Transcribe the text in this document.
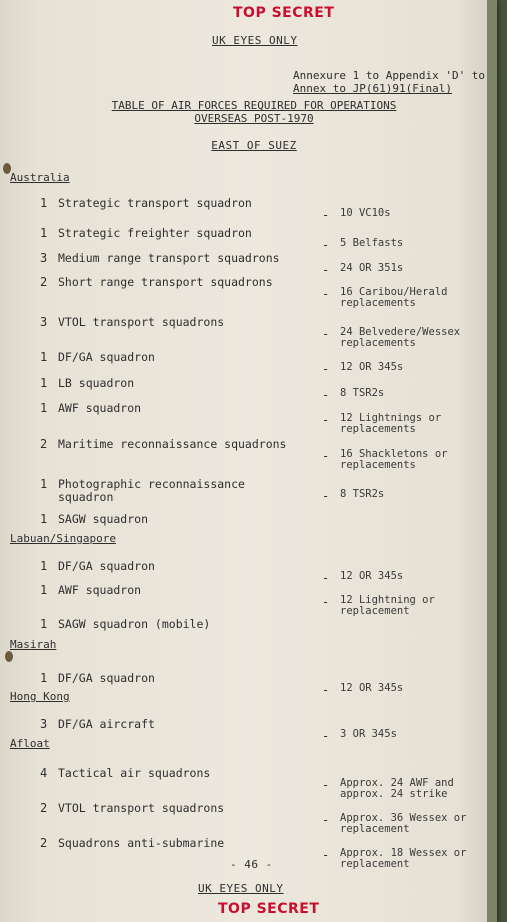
TOP SECRET
UK EYES ONLY
Annexure 1 to Appendix 'D' to
Annex to JP(61)91(Final)
TABLE OF AIR FORCES REQUIRED FOR OPERATIONS
OVERSEAS POST-1970
EAST OF SUEZ
Australia
1 Strategic transport squadron
- 10 VC10s
1 Strategic freighter squadron
- 5 Belfasts
3 Medium range transport squadrons
- 24 OR 351s
2 Short range transport squadrons
- 16 Caribou/Herald replacements
3 VTOL transport squadrons
- 24 Belvedere/Wessex replacements
1 DF/GA squadron
- 12 OR 345s
1 LB squadron
- 8 TSR2s
1 AWF squadron
- 12 Lightnings or replacements
2 Maritime reconnaissance squadrons
- 16 Shackletons or replacements
1 Photographic reconnaissance squadron	- 8 TSR2s
1 SAGW squadron
Labuan/Singapore
1 DF/GA squadron
- 12 OR 345s
1 AWF squadron
- 12 Lightning or replacement
1 SAGW squadron (mobile)
Masirah
1 DF/GA squadron
- 12 OR 345s
Hong Kong
3 DF/GA aircraft
- 3 OR 345s
Afloat
4 Tactical air squadrons
- Approx. 24 AWF and approx. 24 strike
2 VTOL transport squadrons
- Approx. 36 Wessex or replacement
2 Squadrons anti-submarine
- Approx. 18 Wessex or replacement
- 46 -
UK EYES ONLY
TOP SECRET
